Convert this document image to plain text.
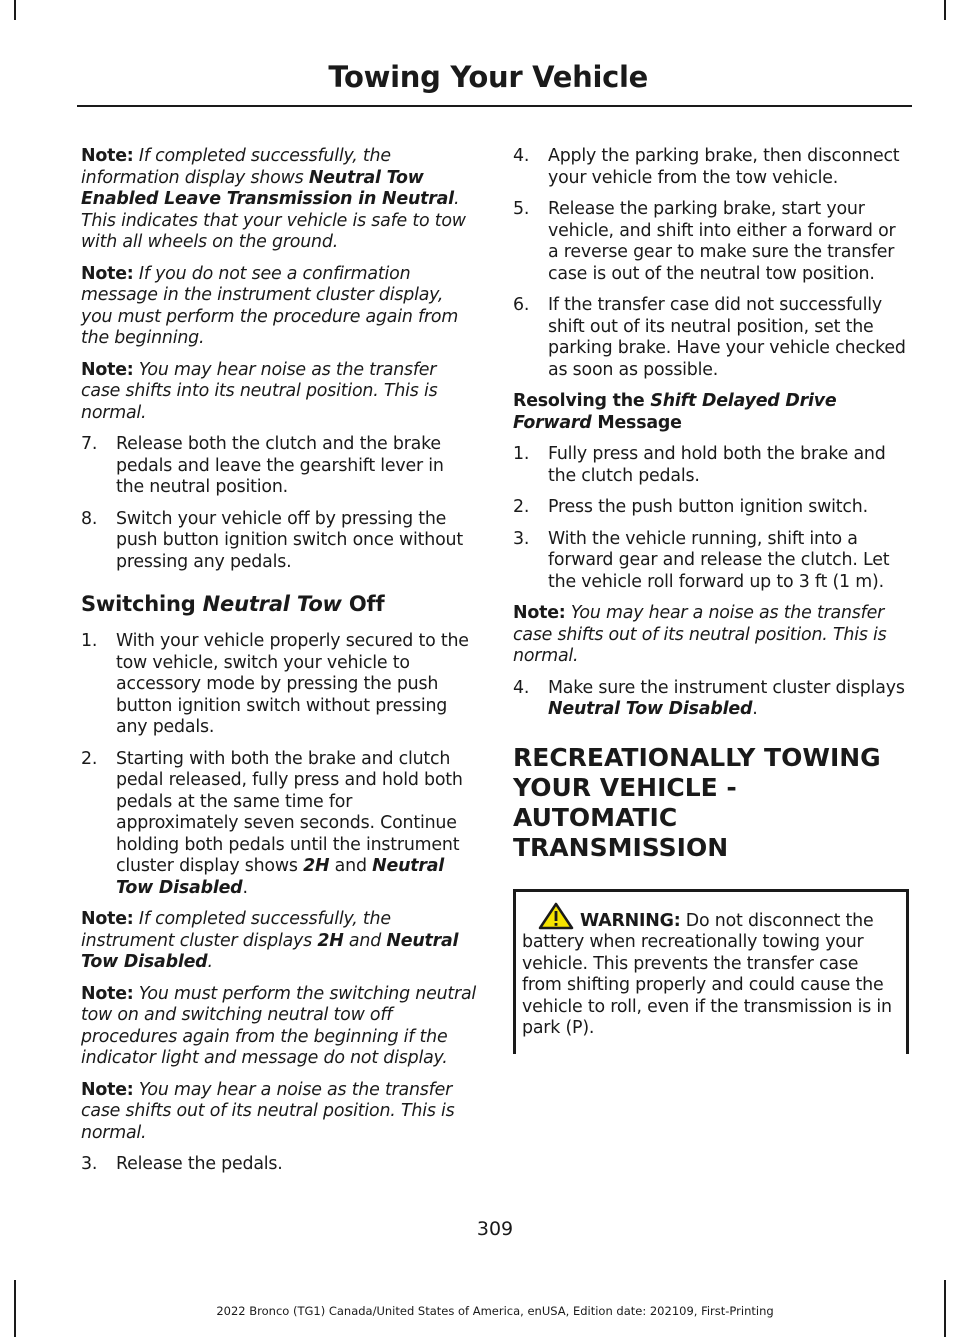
Towing Your Vehicle

Note: If completed successfully, the information display shows Neutral Tow Enabled Leave Transmission in Neutral. This indicates that your vehicle is safe to tow with all wheels on the ground.

Note: If you do not see a confirmation message in the instrument cluster display, you must perform the procedure again from the beginning.

Note: You may hear noise as the transfer case shifts into its neutral position. This is normal.

7. Release both the clutch and the brake pedals and leave the gearshift lever in the neutral position.
8. Switch your vehicle off by pressing the push button ignition switch once without pressing any pedals.
Switching Neutral Tow Off
1. With your vehicle properly secured to the tow vehicle, switch your vehicle to accessory mode by pressing the push button ignition switch without pressing any pedals.
2. Starting with both the brake and clutch pedal released, fully press and hold both pedals at the same time for approximately seven seconds. Continue holding both pedals until the instrument cluster display shows 2H and Neutral Tow Disabled.

Note: If completed successfully, the instrument cluster displays 2H and Neutral Tow Disabled.

Note: You must perform the switching neutral tow on and switching neutral tow off procedures again from the beginning if the indicator light and message do not display.

Note: You may hear a noise as the transfer case shifts out of its neutral position. This is normal.

3. Release the pedals.
4. Apply the parking brake, then disconnect your vehicle from the tow vehicle.
5. Release the parking brake, start your vehicle, and shift into either a forward or a reverse gear to make sure the transfer case is out of the neutral tow position.
6. If the transfer case did not successfully shift out of its neutral position, set the parking brake. Have your vehicle checked as soon as possible.
Resolving the Shift Delayed Drive Forward Message
1. Fully press and hold both the brake and the clutch pedals.
2. Press the push button ignition switch.
3. With the vehicle running, shift into a forward gear and release the clutch. Let the vehicle roll forward up to 3 ft (1 m).

Note: You may hear a noise as the transfer case shifts out of its neutral position. This is normal.

4. Make sure the instrument cluster displays Neutral Tow Disabled.
RECREATIONALLY TOWING
YOUR VEHICLE - AUTOMATIC
TRANSMISSION
WARNING: Do not disconnect the battery when recreationally towing your vehicle. This prevents the transfer case from shifting properly and could cause the vehicle to roll, even if the transmission is in park (P).
309
2022 Bronco (TG1) Canada/United States of America, enUSA, Edition date: 202109, First-Printing
